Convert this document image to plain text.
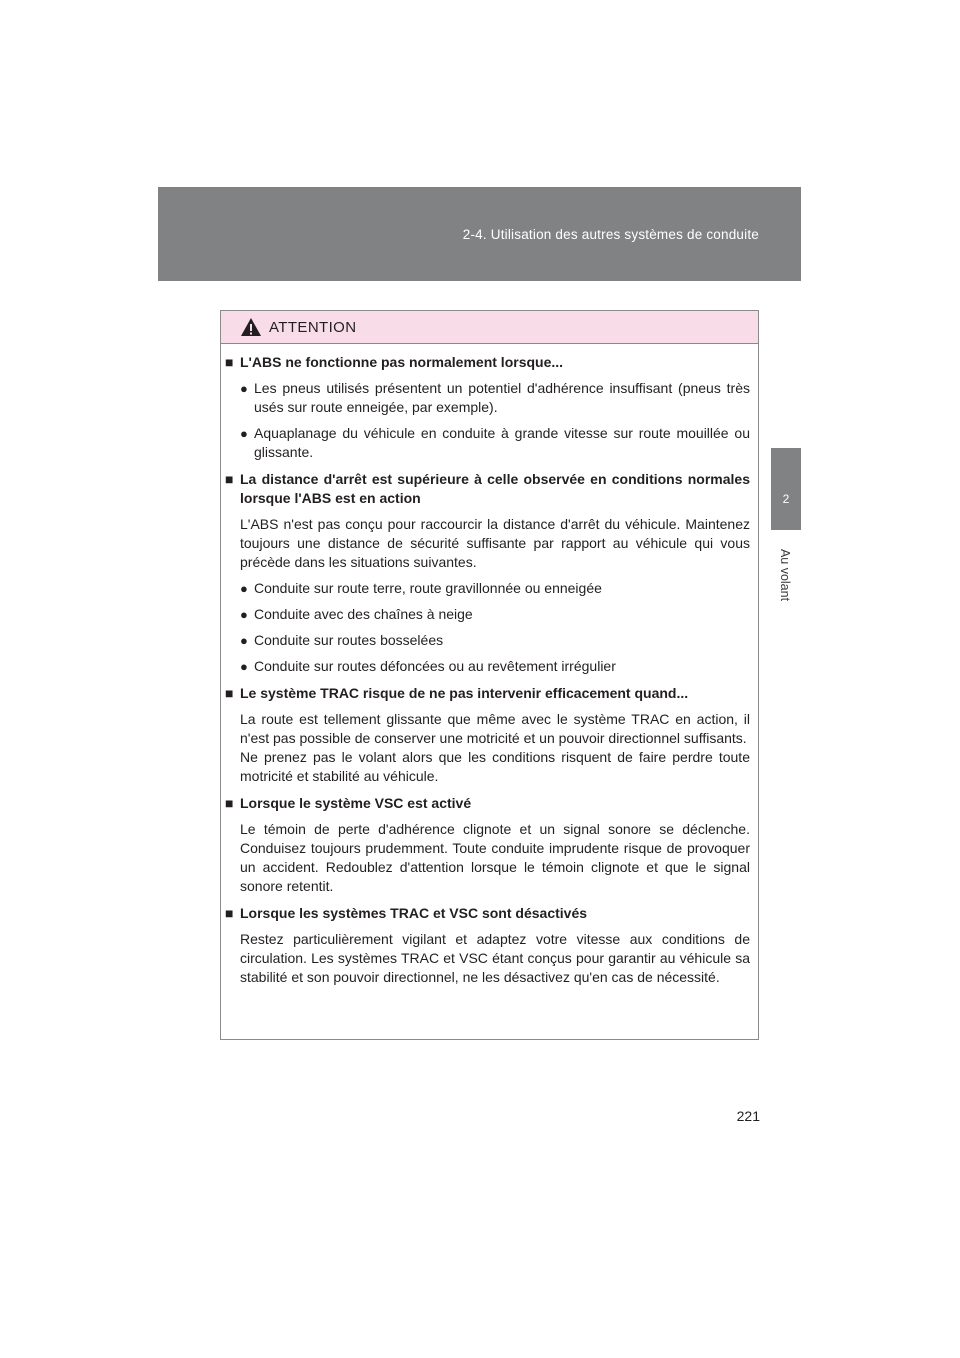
2-4. Utilisation des autres systèmes de conduite
2
Au volant
ATTENTION
■ L'ABS ne fonctionne pas normalement lorsque...
● Les pneus utilisés présentent un potentiel d'adhérence insuffisant (pneus très usés sur route enneigée, par exemple).
● Aquaplanage du véhicule en conduite à grande vitesse sur route mouillée ou glissante.
■ La distance d'arrêt est supérieure à celle observée en conditions normales lorsque l'ABS est en action
L'ABS n'est pas conçu pour raccourcir la distance d'arrêt du véhicule. Maintenez toujours une distance de sécurité suffisante par rapport au véhicule qui vous précède dans les situations suivantes.
● Conduite sur route terre, route gravillonnée ou enneigée
● Conduite avec des chaînes à neige
● Conduite sur routes bosselées
● Conduite sur routes défoncées ou au revêtement irrégulier
■ Le système TRAC risque de ne pas intervenir efficacement quand...
La route est tellement glissante que même avec le système TRAC en action, il n'est pas possible de conserver une motricité et un pouvoir directionnel suffisants.
Ne prenez pas le volant alors que les conditions risquent de faire perdre toute motricité et stabilité au véhicule.
■ Lorsque le système VSC est activé
Le témoin de perte d'adhérence clignote et un signal sonore se déclenche. Conduisez toujours prudemment. Toute conduite imprudente risque de provoquer un accident. Redoublez d'attention lorsque le témoin clignote et que le signal sonore retentit.
■ Lorsque les systèmes TRAC et VSC sont désactivés
Restez particulièrement vigilant et adaptez votre vitesse aux conditions de circulation. Les systèmes TRAC et VSC étant conçus pour garantir au véhicule sa stabilité et son pouvoir directionnel, ne les désactivez qu'en cas de nécessité.
221
